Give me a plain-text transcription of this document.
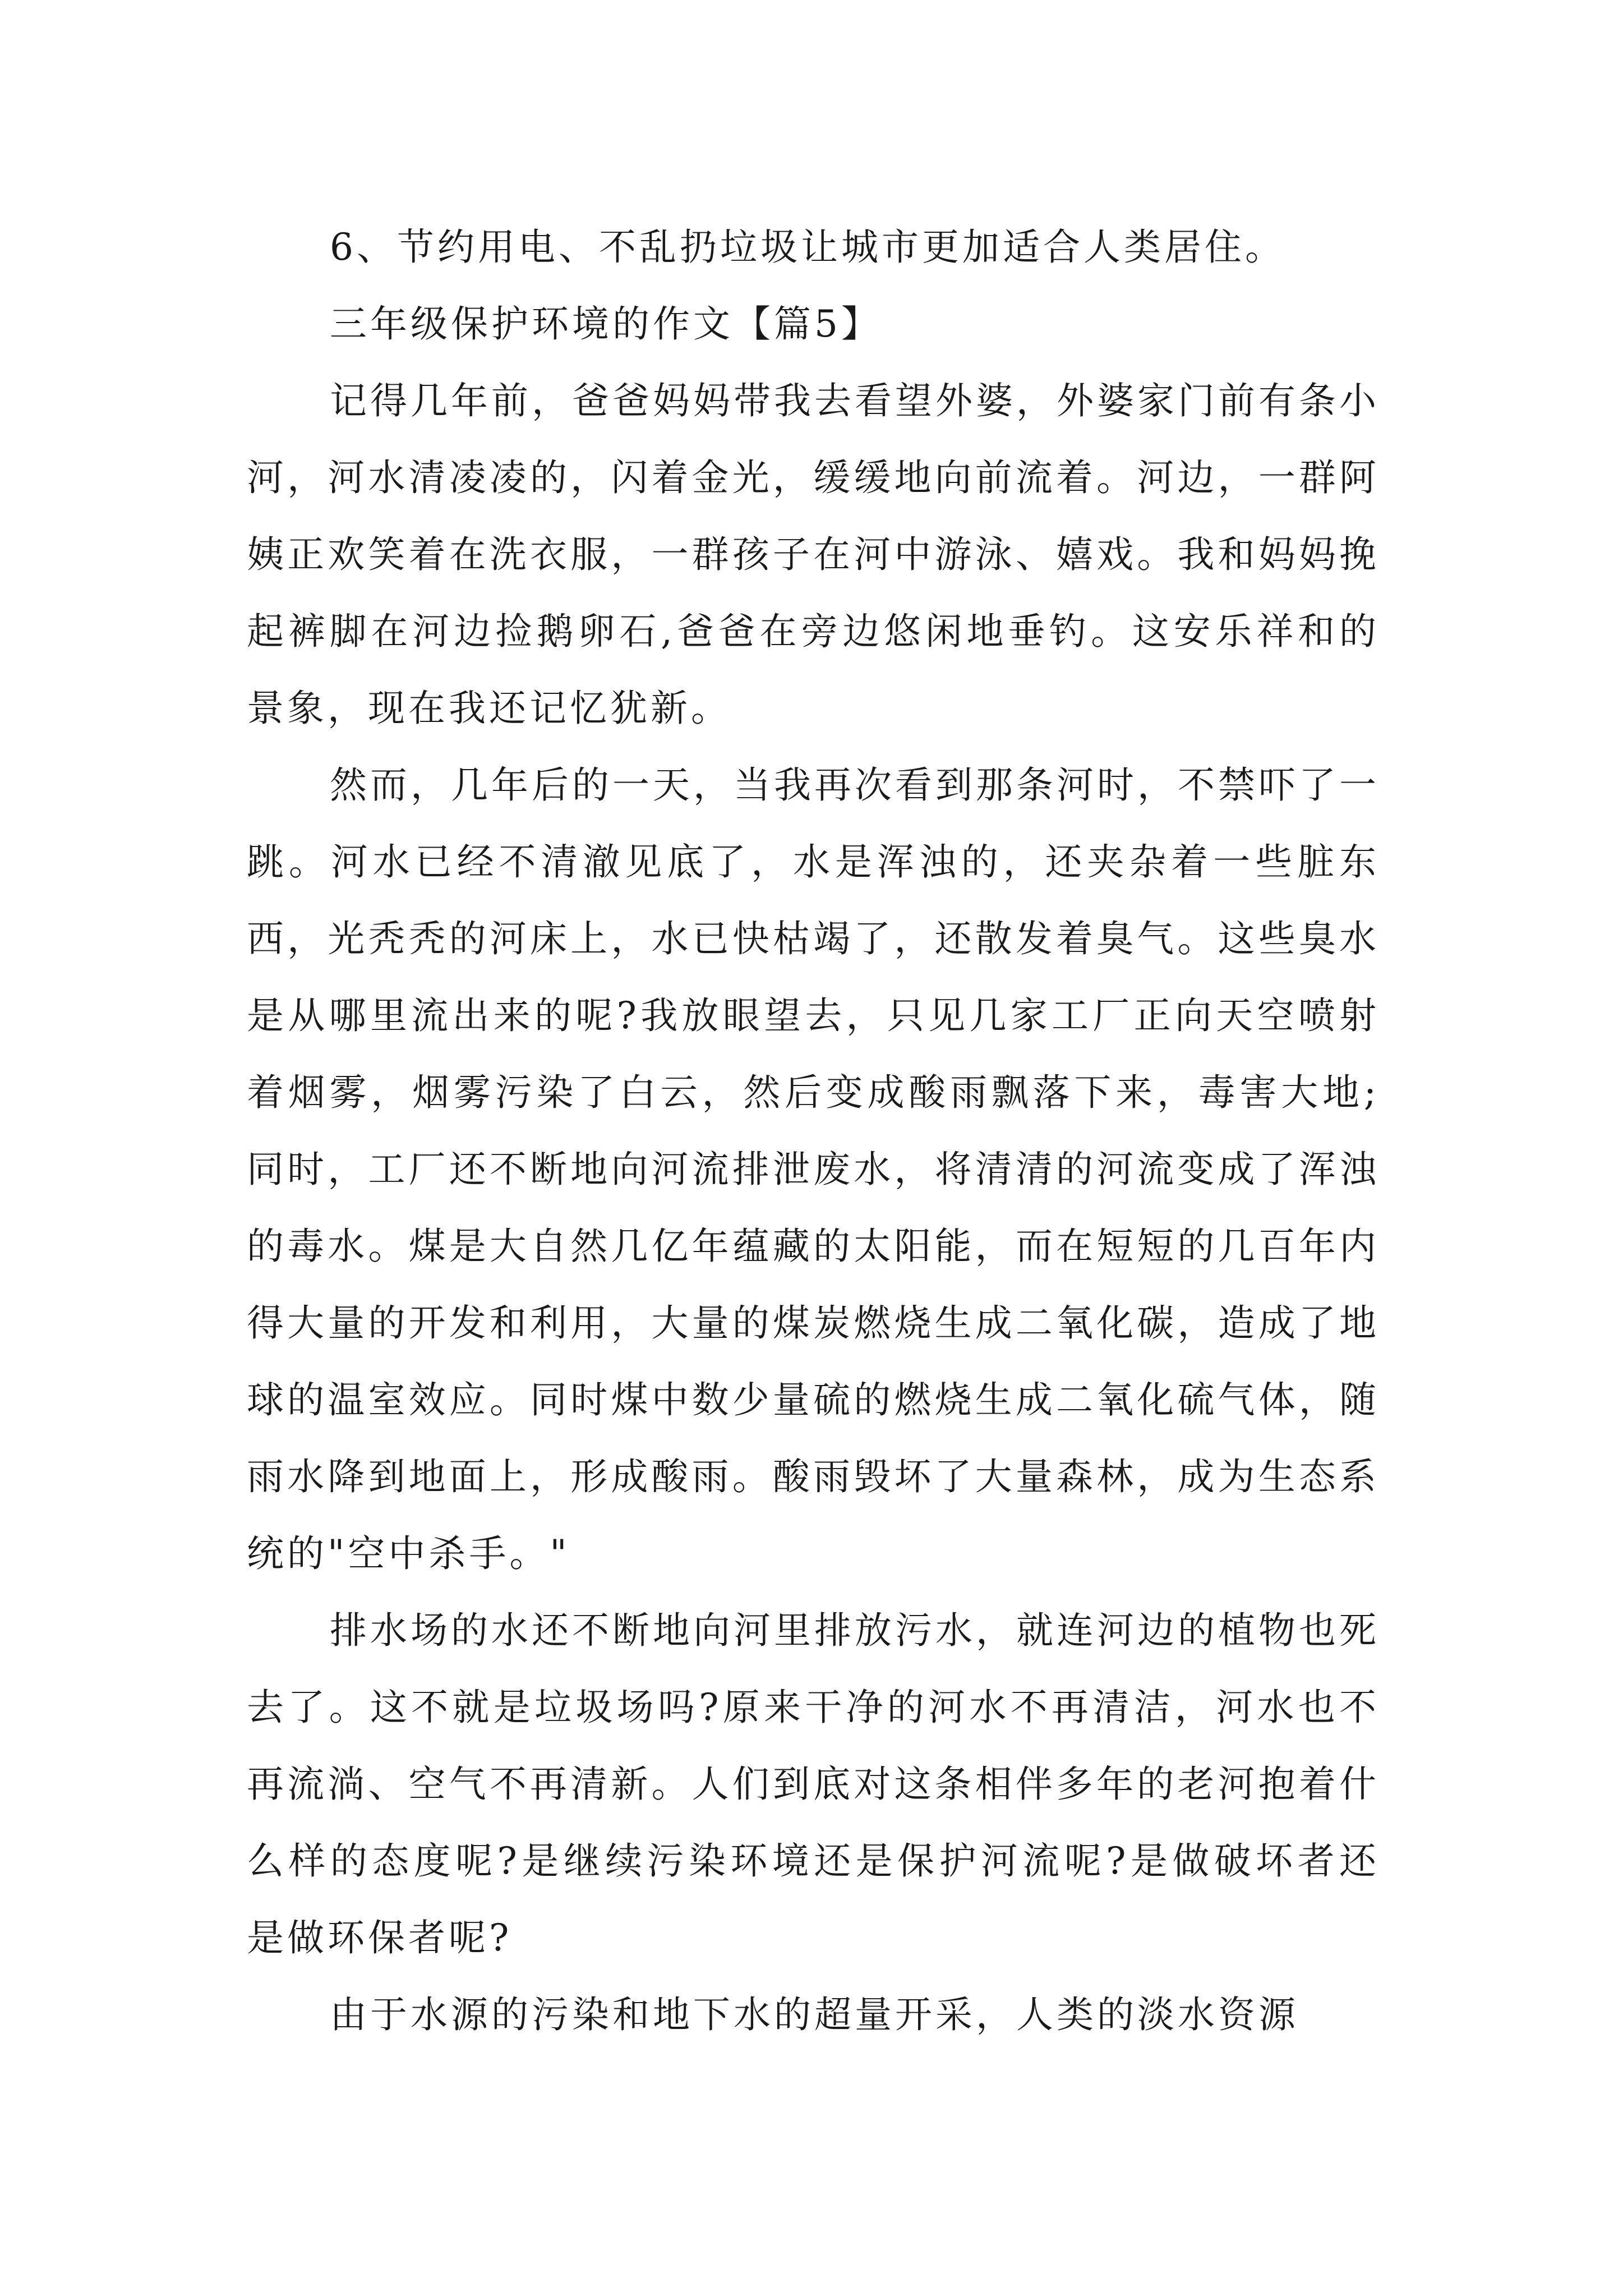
6、节约用电、不乱扔垃圾让城市更加适合人类居住。

三年级保护环境的作文【篇5】

记得几年前，爸爸妈妈带我去看望外婆，外婆家门前有条小河，河水清凌凌的，闪着金光，缓缓地向前流着。河边，一群阿姨正欢笑着在洗衣服，一群孩子在河中游泳、嬉戏。我和妈妈挽起裤脚在河边捡鹅卵石,爸爸在旁边悠闲地垂钓。这安乐祥和的景象，现在我还记忆犹新。

然而，几年后的一天，当我再次看到那条河时，不禁吓了一跳。河水已经不清澈见底了，水是浑浊的，还夹杂着一些脏东西，光秃秃的河床上，水已快枯竭了，还散发着臭气。这些臭水是从哪里流出来的呢?我放眼望去，只见几家工厂正向天空喷射着烟雾，烟雾污染了白云，然后变成酸雨飘落下来，毒害大地;同时，工厂还不断地向河流排泄废水，将清清的河流变成了浑浊的毒水。煤是大自然几亿年蕴藏的太阳能，而在短短的几百年内得大量的开发和利用，大量的煤炭燃烧生成二氧化碳，造成了地球的温室效应。同时煤中数少量硫的燃烧生成二氧化硫气体，随雨水降到地面上，形成酸雨。酸雨毁坏了大量森林，成为生态系统的"空中杀手。"

排水场的水还不断地向河里排放污水，就连河边的植物也死去了。这不就是垃圾场吗?原来干净的河水不再清洁，河水也不再流淌、空气不再清新。人们到底对这条相伴多年的老河抱着什么样的态度呢?是继续污染环境还是保护河流呢?是做破坏者还是做环保者呢?

由于水源的污染和地下水的超量开采，人类的淡水资源
